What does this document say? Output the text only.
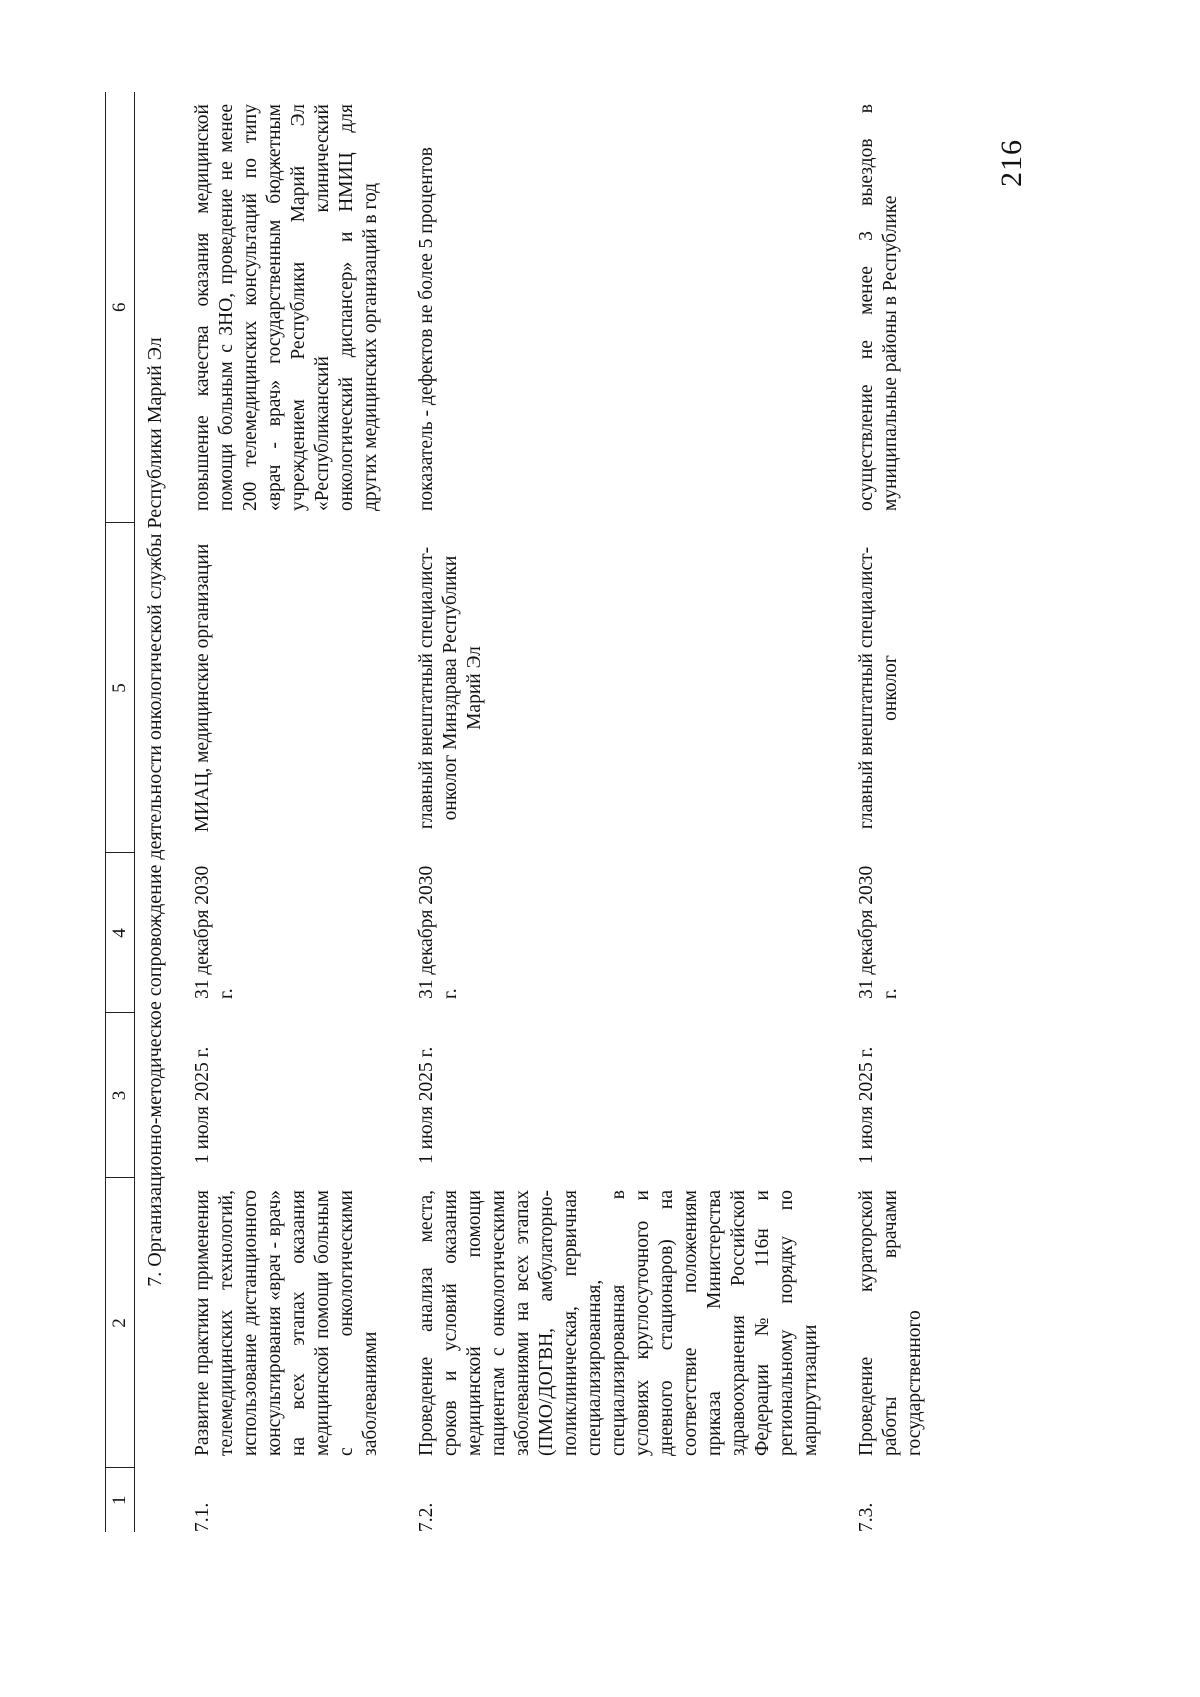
216
1	2	3	4	5	6
7. Организационно-методическое сопровождение деятельности онкологической службы Республики Марий Эл					
7.1.	Развитие практики применения телемедицинских технологий, использование дистанционного консультирования «врач - врач» на всех этапах оказания медицинской помощи больным с онкологическими заболеваниями	1 июля 2025 г.	31 декабря 2030 г.	МИАЦ, медицинские организации	повышение качества оказания медицинской помощи больным с ЗНО, проведение не менее 200 телемедицинских консультаций по типу «врач - врач» государственным бюджетным учреждением Республики Марий Эл «Республиканский клинический онкологический диспансер» и НМИЦ для других медицинских организаций в год
7.2.	Проведение анализа места, сроков и условий оказания медицинской помощи пациентам с онкологическими заболеваниями на всех этапах (ПМО/ДОГВН, амбулаторно-поликлиническая, первичная специализированная, специализированная в условиях круглосуточного и дневного стационаров) на соответствие положениям приказа Министерства здравоохранения Российской Федерации № 116н и региональному порядку по маршрутизации	1 июля 2025 г.	31 декабря 2030 г.	главный внештатный специалист-онколог Минздрава Республики Марий Эл	показатель - дефектов не более 5 процентов
7.3.	Проведение кураторской работы врачами государственного	1 июля 2025 г.	31 декабря 2030 г.	главный внештатный специалист-онколог	осуществление не менее 3 выездов в муниципальные районы в Республике
